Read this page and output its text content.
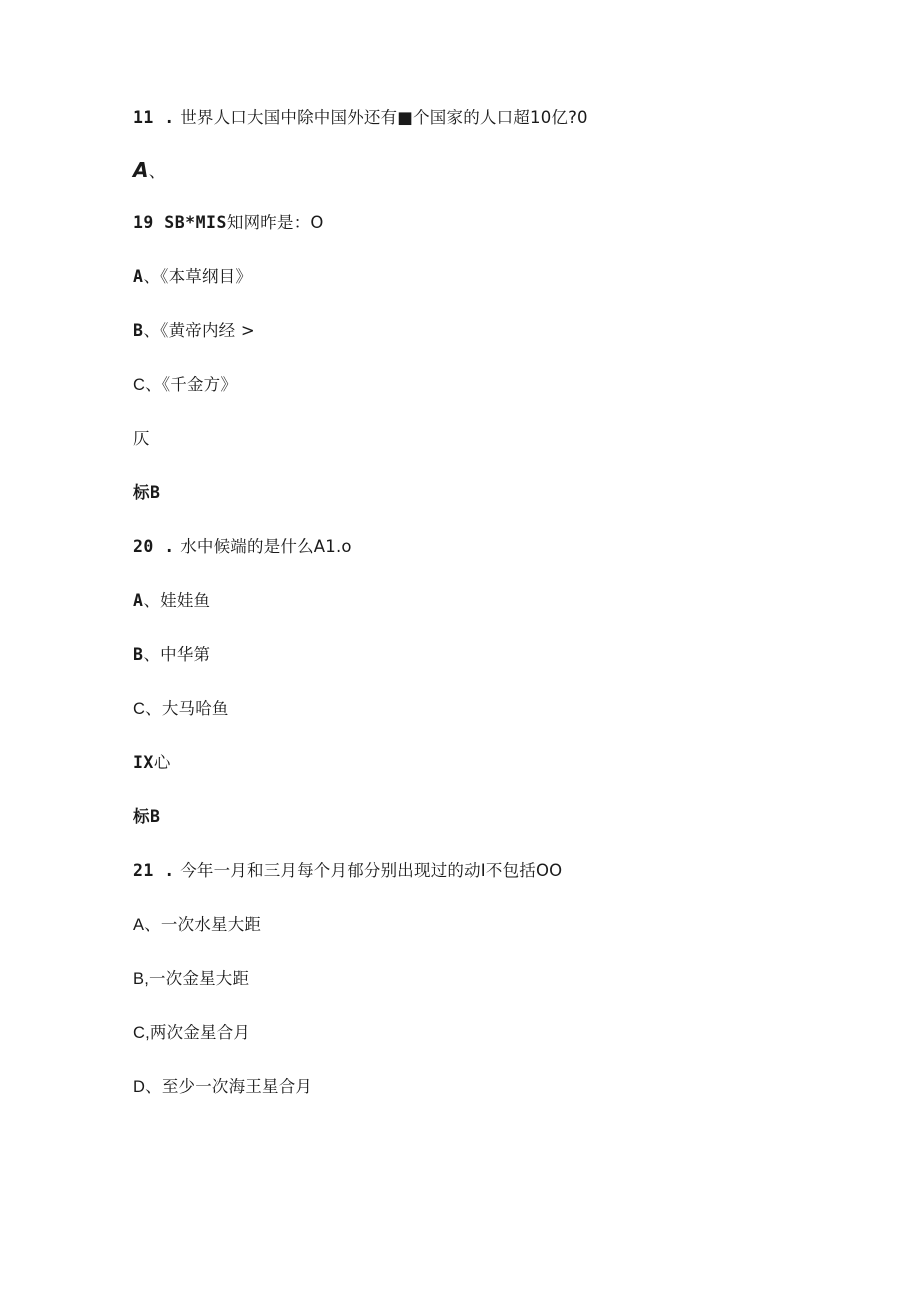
11 . 世界人口大国中除中国外还有■个国家的人口超10亿?0
A、
19 SB*MIS知网昨是：O
A、《本草纲目》
B、《黄帝内经 >
C、《千金方》
仄
标B
20 . 水中候端的是什么A1.o
A、娃娃鱼
B、中华第
C、大马哈鱼
IX心
标B
21 . 今年一月和三月每个月郁分别出现过的动I不包括OO
A、一次水星大距
B,一次金星大距
C,两次金星合月
D、至少一次海王星合月
